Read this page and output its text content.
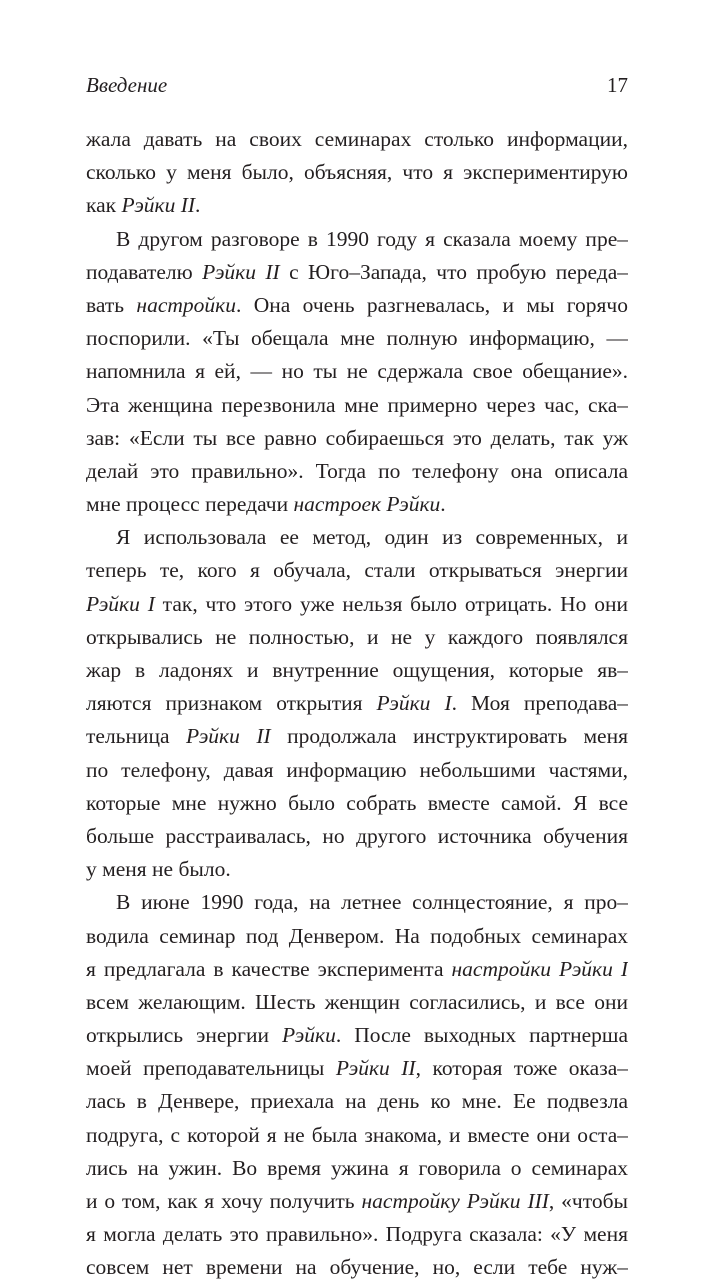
Введение	17
жала давать на своих семинарах столько информации,
сколько у меня было, объясняя, что я экспериментирую
как Рэйки II.
В другом разговоре в 1990 году я сказала моему пре–
подавателю Рэйки II с Юго–Запада, что пробую переда–
вать настройки. Она очень разгневалась, и мы горячо
поспорили. «Ты обещала мне полную информацию, —
напомнила я ей, — но ты не сдержала свое обещание».
Эта женщина перезвонила мне примерно через час, ска–
зав: «Если ты все равно собираешься это делать, так уж
делай это правильно». Тогда по телефону она описала
мне процесс передачи настроек Рэйки.
Я использовала ее метод, один из современных, и
теперь те, кого я обучала, стали открываться энергии
Рэйки I так, что этого уже нельзя было отрицать. Но они
открывались не полностью, и не у каждого появлялся
жар в ладонях и внутренние ощущения, которые яв–
ляются признаком открытия Рэйки I. Моя преподава–
тельница Рэйки II продолжала инструктировать меня
по телефону, давая информацию небольшими частями,
которые мне нужно было собрать вместе самой. Я все
больше расстраивалась, но другого источника обучения
у меня не было.
В июне 1990 года, на летнее солнцестояние, я про–
водила семинар под Денвером. На подобных семинарах
я предлагала в качестве эксперимента настройки Рэйки I
всем желающим. Шесть женщин согласились, и все они
открылись энергии Рэйки. После выходных партнерша
моей преподавательницы Рэйки II, которая тоже оказа–
лась в Денвере, приехала на день ко мне. Ее подвезла
подруга, с которой я не была знакома, и вместе они оста–
лись на ужин. Во время ужина я говорила о семинарах
и о том, как я хочу получить настройку Рэйки III, «чтобы
я могла делать это правильно». Подруга сказала: «У меня
совсем нет времени на обучение, но, если тебе нуж–
